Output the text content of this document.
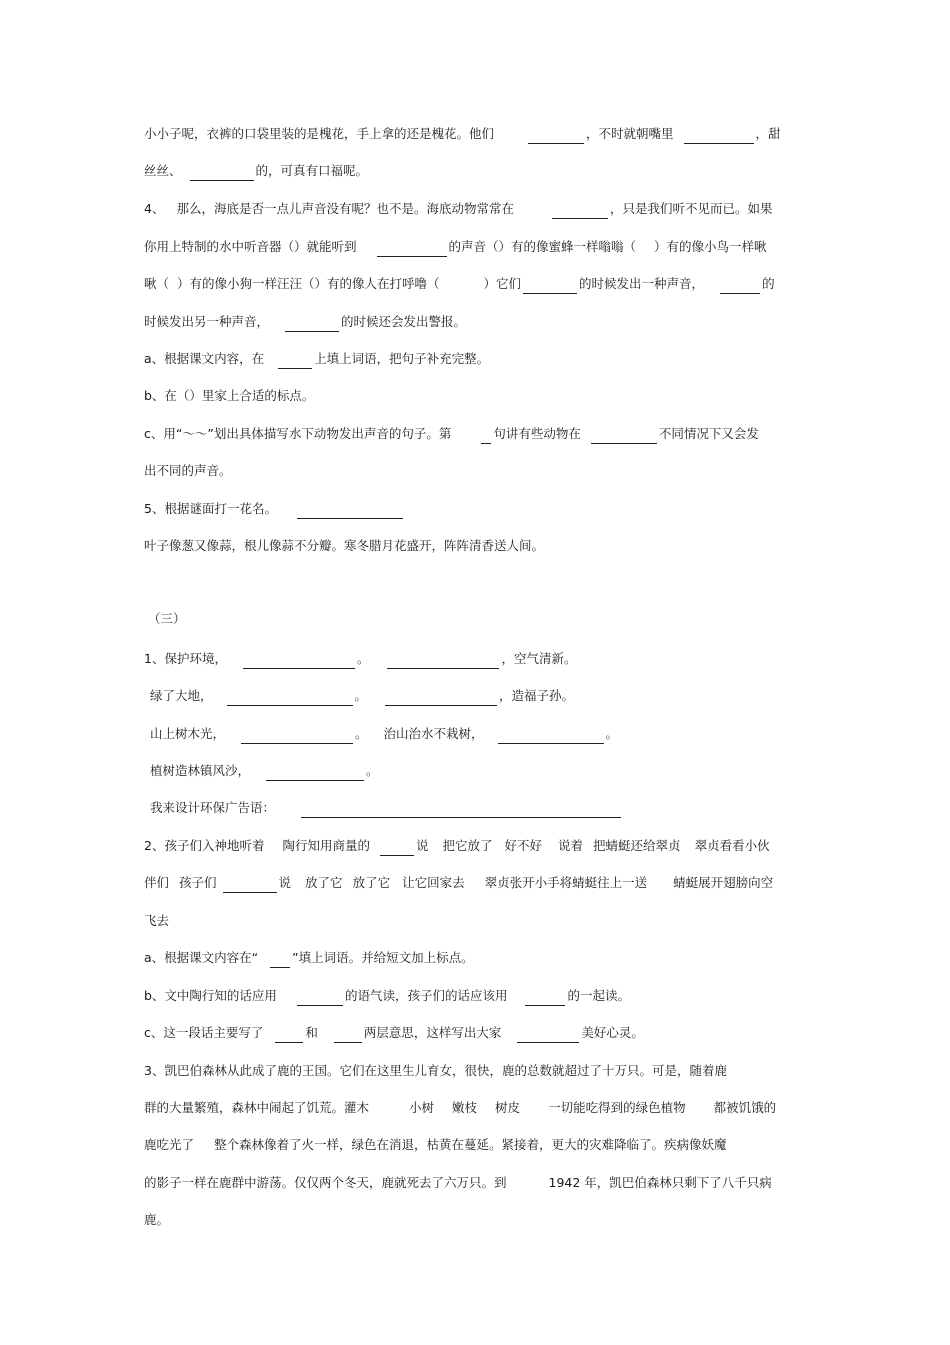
小小子呢，衣裤的口袋里装的是槐花，手上拿的还是槐花。他们	，不时就朝嘴里	，甜
丝丝、	的，可真有口福呢。
4、 那么，海底是否一点儿声音没有呢？也不是。海底动物常常在	，只是我们听不见而已。如果
你用上特制的水中听音器（）就能听到	的声音（）有的像蜜蜂一样嗡嗡（ ）有的像小鸟一样啾
啾（ ）有的像小狗一样汪汪（）有的像人在打呼噜（	）它们	的时候发出一种声音，	的
时候发出另一种声音，	的时候还会发出警报。
a、根据课文内容，在	上填上词语，把句子补充完整。
b、在（）里家上合适的标点。
c、用“～～”划出具体描写水下动物发出声音的句子。第	句讲有些动物在	不同情况下又会发
出不同的声音。
5、根据谜面打一花名。
叶子像葱又像蒜，根儿像蒜不分瓣。寒冬腊月花盛开，阵阵清香送人间。
（三）
1、保护环境，	。	，空气清新。
绿了大地，	。	，造福子孙。
山上树木光，	。 治山治水不栽树，	。
植树造林镇风沙，	。
我来设计环保广告语：
2、孩子们入神地听着 陶行知用商量的	说 把它放了 好不好 说着 把蜻蜓还给翠贞 翠贞看看小伙
伴们 孩子们	说 放了它 放了它 让它回家去 翠贞张开小手将蜻蜓往上一送 蜻蜓展开翅膀向空
飞去
a、根据课文内容在“	”填上词语。并给短文加上标点。
b、文中陶行知的话应用	的语气读，孩子们的话应该用	的一起读。
c、这一段话主要写了	和	两层意思，这样写出大家	美好心灵。
3、凯巴伯森林从此成了鹿的王国。它们在这里生儿育女，很快，鹿的总数就超过了十万只。可是，随着鹿
群的大量繁殖，森林中闹起了饥荒。灌木	小树 嫩枝 树皮 一切能吃得到的绿色植物 都被饥饿的
鹿吃光了 整个森林像着了火一样，绿色在消退，枯黄在蔓延。紧接着，更大的灾难降临了。疾病像妖魔
的影子一样在鹿群中游荡。仅仅两个冬天，鹿就死去了六万只。到	1942 年，凯巴伯森林只剩下了八千只病
鹿。
